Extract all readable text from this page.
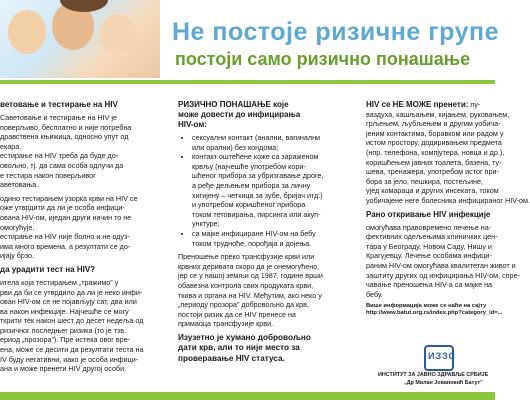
Не постоје ризичне групе
постоји само ризично понашање
ветовање и тестирање на HIV

Саветовање и тестирање на HIV је
поверљиво, бесплатно и није потребна
дравствена књижица, односно упут од
екара.
естирање на HIV треба да буде до-
овољно, тј. да сама особа одлучи да
е тестира након поверљивог
аветовања.

одино тестирањем узорка крви на HIV се
оже утврдити да ли је особа инфици-
ована HIV-ом, иједан други начин то не
омогућује.
естирање на HIV није болно и не одуз-
има много времена, а резултати се до-
ијају брзо.

да урадити тест на HIV?

итела која тестирањем „тражимо” у
рви да би се утврдило да ли је неко инфи-
ован HIV-ом се не појављују сат, два или
ва након инфекције. Најчешће се могу
ткрити тек након шест до десет недеља од
ризичног последњег ризика (то је тзв.
ериод „прозора”). Пре истека овог вре-
ена, може се десити да резултати теста на
IV буду негативни, иако је особа инфици-
ана и може пренети HIV другој особи.

РИЗИЧНО ПОНАШАЊЕ које
може довести до инфицирања
HIV-ом:
• сексуални контакт (анални, вагинални
или орални) без кондома;
• контакт оштећене коже са зараженом
крвљу (најчешће употребом кори-
шћеног прибора за убризгавање дроге,
а ређе дељењем прибора за личну
хигијену – четкица за зубе, бријач итд.)
и употребом коришћеног прибора
током тетовирања, пирсинга или акуп-
унктуре;
• са мајке инфициране HIV-ом на бебу
током трудноће, порођаја и дојења.

Преношење преко трансфузије крви или
крвних деривата скоро да је онемогућено,
јер се у нашој земљи од 1987. године врши
обавезна контрола свих продуката крви,
ткива и органа на HIV. Међутим, ако неко у
„периоду прозора” добровољно да крв,
постоји ризик да се HIV пренесе на
примаоца трансфузије крви.

Изузетно је хумано добровољно
дати крв, али то није место за
проверавање HIV статуса.

HIV се НЕ МОЖЕ пренети: пу-
ваздуха, кашљањем, кијањем, руковањем,
грљењем, љубљењем и другим уобича-
јеним контактима, боравком или радом у
истом простору, додиривањем предмета
(нпр. телефона, компјутера, новца и др.),
коришћењем јавних тоалета, базена, ту-
шева, тренажера, употребом истог при-
бора за јело, пешкира, постељине,
ујед комараца и других инсеката, током
уобичајене неге болесника инфицираног HIV-ом.

Рано откривање HIV инфекције

омогућава правовремено лечење на-
фективних одељењима клиничких цен-
тара у Београду, Новом Саду, Нишу и
Крагујевцу. Лечење особама инфици-
раним HIV-ом омогућава квалитетан живот и
заштиту других од инфицирања HIV-ом, спре-
чавање преношења HIV-а са мајке на
бебу.

Више информација може се наћи на сајту
http://www.batut.org.rs/index.php?category_id=...

ИЗЗС
ИНСТИТУТ ЗА ЈАВНО ЗДРАВЉЕ СРБИЈЕ
„Др Милан Јовановић Батут”
